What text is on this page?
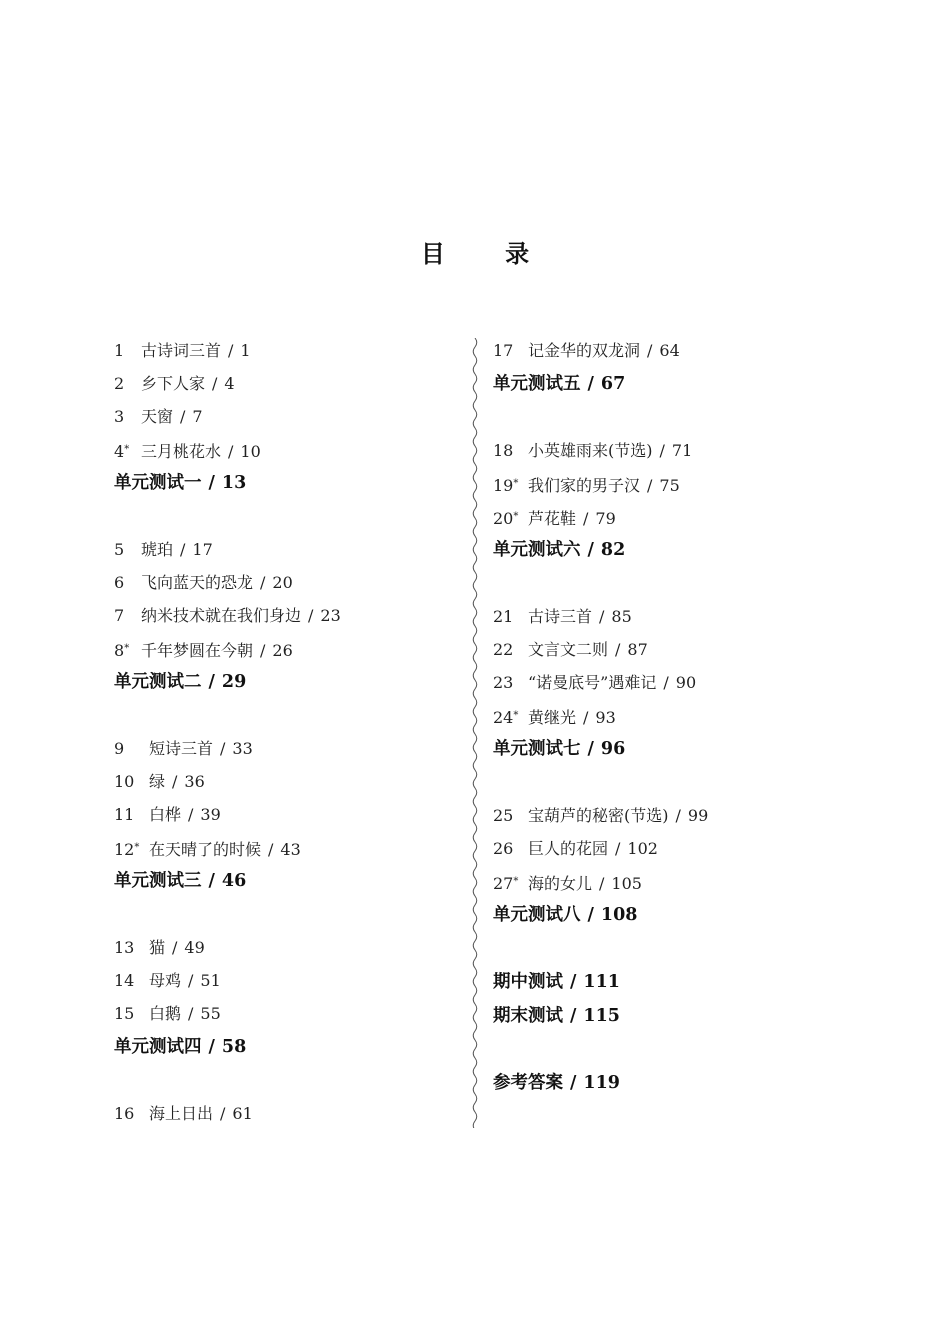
目 录
1 古诗词三首 / 1
2 乡下人家 / 4
3 天窗 / 7
4* 三月桃花水 / 10
单元测试一 / 13
5 琥珀 / 17
6 飞向蓝天的恐龙 / 20
7 纳米技术就在我们身边 / 23
8* 千年梦圆在今朝 / 26
单元测试二 / 29
9 短诗三首 / 33
10 绿 / 36
11 白桦 / 39
12* 在天晴了的时候 / 43
单元测试三 / 46
13 猫 / 49
14 母鸡 / 51
15 白鹅 / 55
单元测试四 / 58
16 海上日出 / 61
17 记金华的双龙洞 / 64
单元测试五 / 67
18 小英雄雨来(节选) / 71
19* 我们家的男子汉 / 75
20* 芦花鞋 / 79
单元测试六 / 82
21 古诗三首 / 85
22 文言文二则 / 87
23 “诺曼底号”遇难记 / 90
24* 黄继光 / 93
单元测试七 / 96
25 宝葫芦的秘密(节选) / 99
26 巨人的花园 / 102
27* 海的女儿 / 105
单元测试八 / 108
期中测试 / 111
期末测试 / 115
参考答案 / 119
